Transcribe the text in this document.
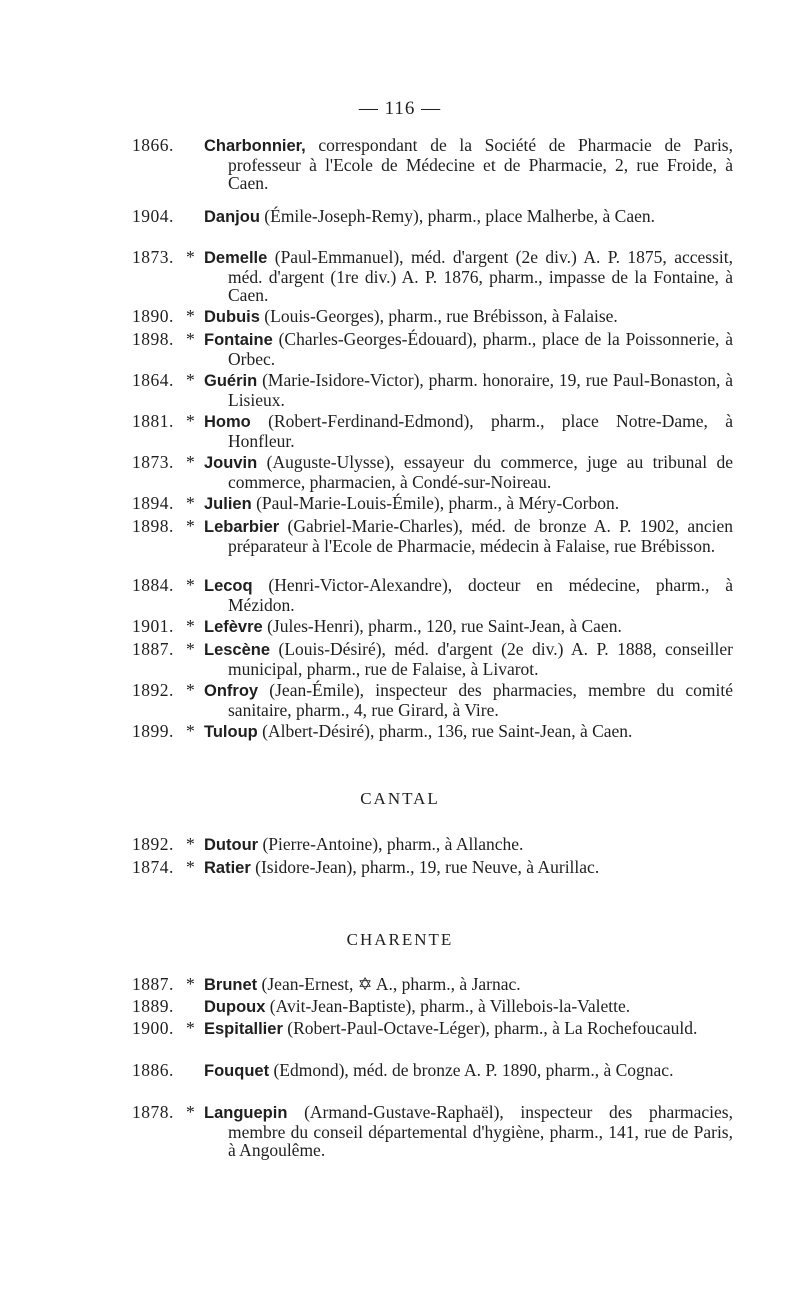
— 116 —
1866. Charbonnier, correspondant de la Société de Pharmacie de Paris, professeur à l'Ecole de Médecine et de Pharmacie, 2, rue Froide, à Caen.
1904. Danjou (Émile-Joseph-Remy), pharm., place Malherbe, à Caen.
1873. * Demelle (Paul-Emmanuel), méd. d'argent (2e div.) A. P. 1875, accessit, méd. d'argent (1re div.) A. P. 1876, pharm., impasse de la Fontaine, à Caen.
1890. * Dubuis (Louis-Georges), pharm., rue Brébisson, à Falaise.
1898. * Fontaine (Charles-Georges-Édouard), pharm., place de la Poissonnerie, à Orbec.
1864. * Guérin (Marie-Isidore-Victor), pharm. honoraire, 19, rue Paul-Bonaston, à Lisieux.
1881. * Homo (Robert-Ferdinand-Edmond), pharm., place Notre-Dame, à Honfleur.
1873. * Jouvin (Auguste-Ulysse), essayeur du commerce, juge au tribunal de commerce, pharmacien, à Condé-sur-Noireau.
1894. * Julien (Paul-Marie-Louis-Émile), pharm., à Méry-Corbon.
1898. * Lebarbier (Gabriel-Marie-Charles), méd. de bronze A. P. 1902, ancien préparateur à l'Ecole de Pharmacie, médecin à Falaise, rue Brébisson.
1884. * Lecoq (Henri-Victor-Alexandre), docteur en médecine, pharm., à Mézidon.
1901. * Lefèvre (Jules-Henri), pharm., 120, rue Saint-Jean, à Caen.
1887. * Lescène (Louis-Désiré), méd. d'argent (2e div.) A. P. 1888, conseiller municipal, pharm., rue de Falaise, à Livarot.
1892. * Onfroy (Jean-Émile), inspecteur des pharmacies, membre du comité sanitaire, pharm., 4, rue Girard, à Vire.
1899. * Tuloup (Albert-Désiré), pharm., 136, rue Saint-Jean, à Caen.
CANTAL
1892. * Dutour (Pierre-Antoine), pharm., à Allanche.
1874. * Ratier (Isidore-Jean), pharm., 19, rue Neuve, à Aurillac.
CHARENTE
1887. * Brunet (Jean-Ernest, ✡ A., pharm., à Jarnac.
1889. Dupoux (Avit-Jean-Baptiste), pharm., à Villebois-la-Valette.
1900. * Espitallier (Robert-Paul-Octave-Léger), pharm., à La Rochefoucauld.
1886. Fouquet (Edmond), méd. de bronze A. P. 1890, pharm., à Cognac.
1878. * Languepin (Armand-Gustave-Raphaël), inspecteur des pharmacies, membre du conseil départemental d'hygiène, pharm., 141, rue de Paris, à Angoulême.
